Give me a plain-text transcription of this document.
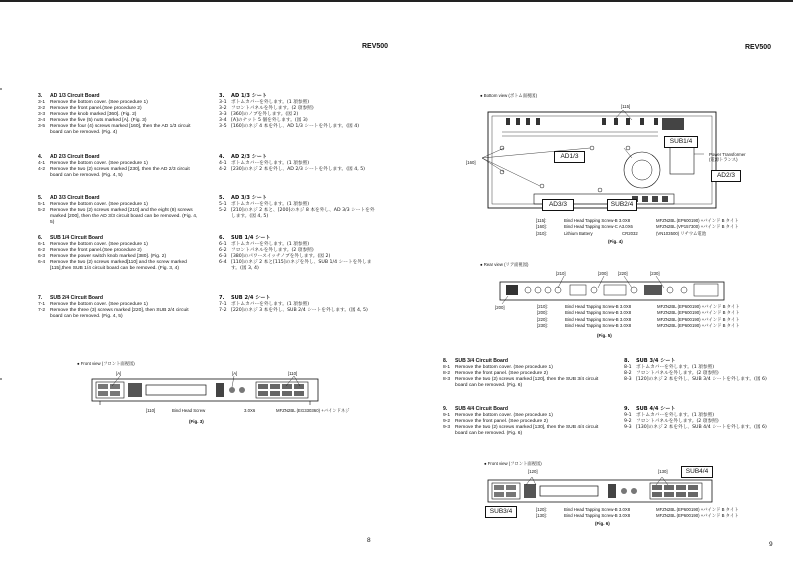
REV500	REV500
3. AD 1/3 Circuit Board
3-1	Remove the bottom cover. (See procedure 1)
3-2	Remove the front panel.(See procedure 2)
3-3	Remove the knob marked [360]. (Fig. 2)
3-4	Remove the five (5) nuts marked [A]. (Fig. 3)
3-5	Remove the four (4) screws marked [160], then the AD 1/3 circuit board can be removed. (Fig. 4)
4. AD 2/3 Circuit Board
4-1	Remove the bottom cover. (See procedure 1)
4-2	Remove the two (2) screws marked [230], then the AD 2/3 circuit board can be removed. (Fig. 4, 5)
5. AD 3/3 Circuit Board
5-1	Remove the bottom cover. (See procedure 1)
5-2	Remove the two (2) screws marked [210] and the eight (8) screws marked [200], then the AD 3/3 circuit board can be removed. (Fig. 4, 5)
6. SUB 1/4 Circuit Board
6-1	Remove the bottom cover. (See procedure 1)
6-2	Remove the front panel.(See procedure 2)
6-3	Remove the power switch knob marked [380]. (Fig. 2)
6-4	Remove the two (2) screws marked[110] and the screw marked [115],then SUB 1/4 circuit board can be removed. (Fig. 3, 4)
7. SUB 2/4 Circuit Board
7-1	Remove the bottom cover. (See procedure 1)
7-2	Remove the three (3) screws marked [220], then SUB 2/4 circuit board can be removed. (Fig. 4, 5)
3. AD 1/3 シート
3-1 ボトムカバーを外します。(1 項参照)
3-2 フロントパネルを外します。(2 項参照)
3-3 [360]のノブを外します。(図 2)
3-4 [A]のナット 5 個を外します。(図 3)
3-5 [160]のネジ 4 本を外し、AD 1/3 シートを外します。(図 4)
4. AD 2/3 シート
4-1 ボトムカバーを外します。(1 項参照)
4-2 [230]のネジ 2 本を外し、AD 2/3 シートを外します。(図 4, 5)
5. AD 3/3 シート
5-1 ボトムカバーを外します。(1 項参照)
5-2 [210]のネジ 2 本と、[200]のネジ 8 本を外し、AD 3/3 シートを外します。(図 4, 5)
6. SUB 1/4 シート
6-1 ボトムカバーを外します。(1 項参照)
6-2 フロントパネルを外します。(2 項参照)
6-3 [380]のパワースイッチノブを外します。(図 2)
6-4 [110]のネジ 2 本と[115]のネジを外し、SUB 1/4 シートを外します。(図 3, 4)
7. SUB 2/4 シート
7-1 ボトムカバーを外します。(1 項参照)
7-2 [220]のネジ 3 本を外し、SUB 2/4 シートを外します。(図 4, 5)
8. SUB 3/4 Circuit Board
8-1	Remove the bottom cover. (See procedure 1)
8-2	Remove the front panel. (See procedure 2)
8-3	Remove the two (2) screws marked [120], then the SUB 3/4 circuit board can be removed. (Fig. 6)
9. SUB 4/4 Circuit Board
9-1	Remove the bottom cover. (See procedure 1)
9-2	Remove the front panel. (See procedure 2)
9-3	Remove the two (2) screws marked [130], then the SUB 4/4 circuit board can be removed. (Fig. 6)
8. SUB 3/4 シート
8-1 ボトムカバーを外します。(1 項参照)
8-2 フロントパネルを外します。(2 項参照)
8-3 [120]のネジ 2 本を外し、SUB 3/4 シートを外します。(図 6)
9. SUB 4/4 シート
9-1 ボトムカバーを外します。(1 項参照)
9-2 フロントパネルを外します。(2 項参照)
9-3 [130]のネジ 2 本を外し、SUB 4/4 シートを外します。(図 6)
● Front view (フロント面視図)
[A]	[A]	[110]
[110]	Bind Head Screw	3.0X6	MFZN2BL (EG330360) +バインドネジ
(Fig. 3)
● Bottom view (ボトム面視図)
[115]
[160]
AD1/3
SUB1/4
AD2/3
AD3/3	SUB2/4
Power Transformer
(電源トランス)
[115]:	Bind Head Tapping Screw-B 3.0X8	MFZN2BL (EP600190) +バインド B タイト
[160]:	Bind Head Tapping Screw-C A3.0X6	MFZN2BL (VP157300) +バインド B タイト
[310]:	Lithium Battery	CR2032	(VN103500) リチウム電池
(Fig. 4)
● Rear view (リア面視図)
[210]	[200] [220]	[230]
[200]	[210]:	Bind Head Tapping Screw-B 3.0X8	MFZN2BL (EP600190) +バインド B タイト
[200]:	Bind Head Tapping Screw-B 3.0X8	MFZN2BL (EP600190) +バインド B タイト
[220]:	Bind Head Tapping Screw-B 3.0X8	MFZN2BL (EP600190) +バインド B タイト
[230]:	Bind Head Tapping Screw-B 3.0X8	MFZN2BL (EP600190) +バインド B タイト
(Fig. 5)
● Front view (フロント面視図)
[120]	[130]	SUB4/4
SUB3/4	[120]:	Bind Head Tapping Screw-B 3.0X8	MFZN2BL (EP600190) +バインド B タイト
[130]:	Bind Head Tapping Screw-B 3.0X8	MFZN2BL (EP600190) +バインド B タイト
(Fig. 6)
8
9
